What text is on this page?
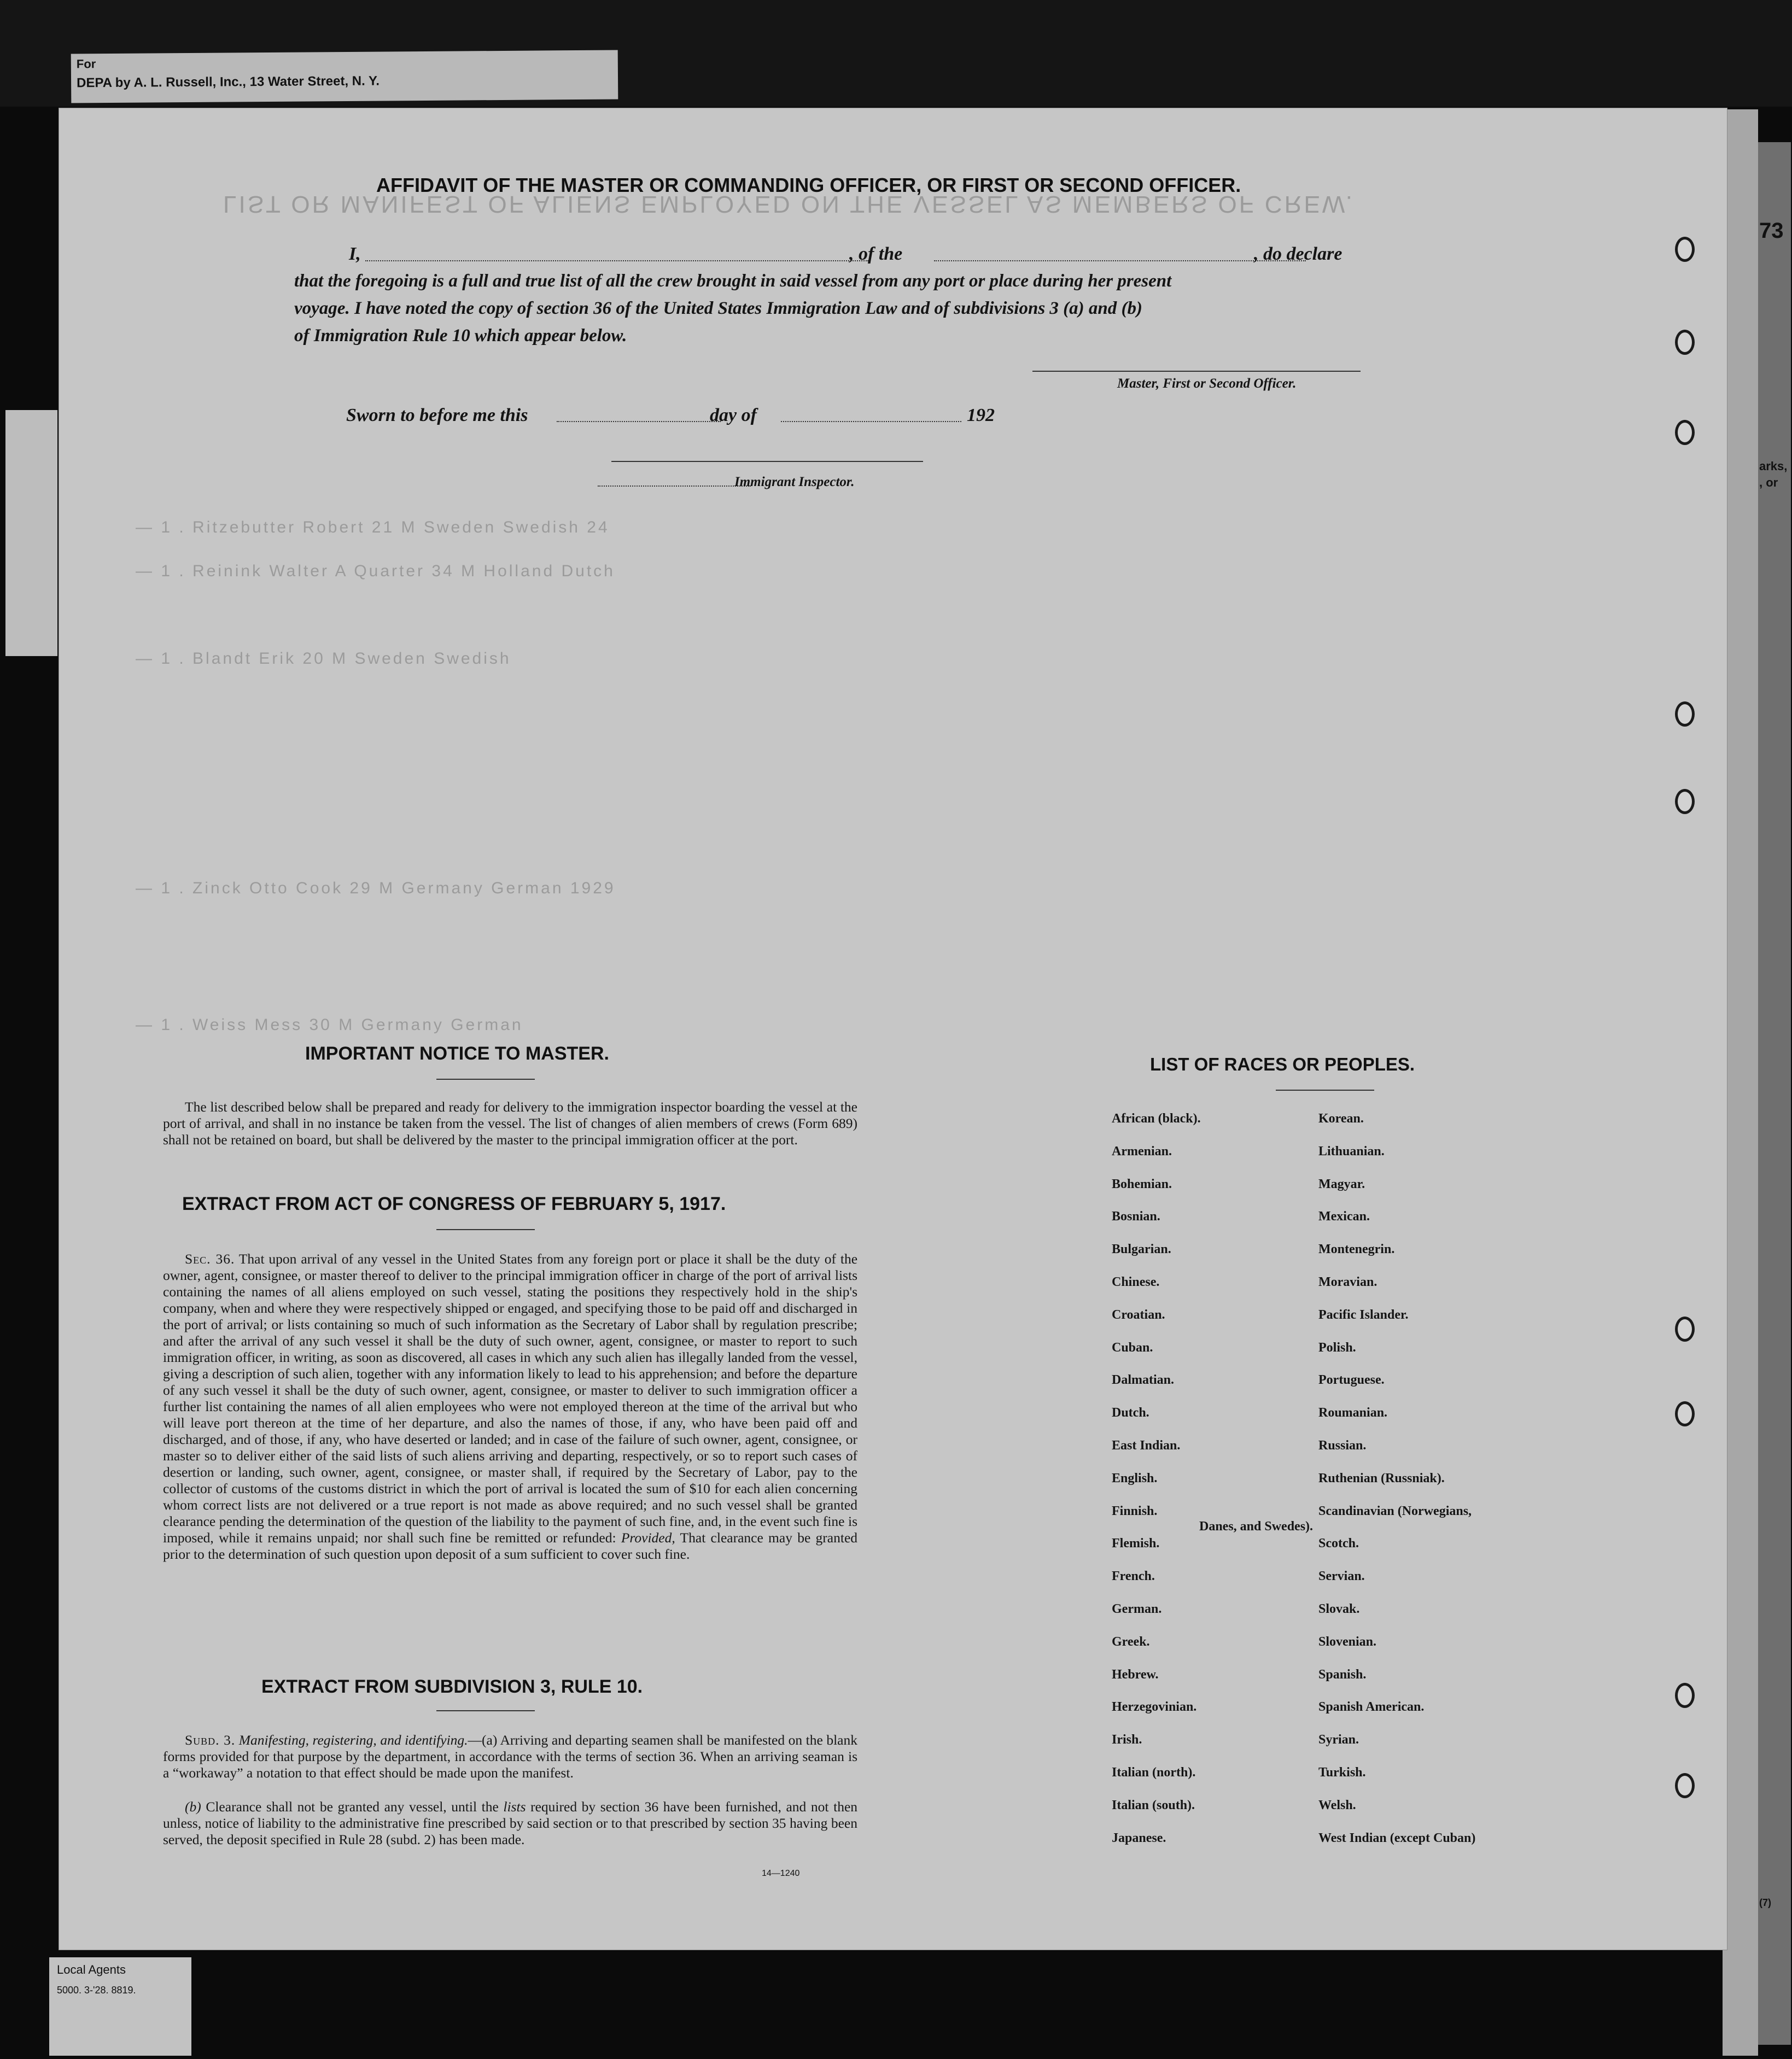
73
arks,
, or
(7)
For
DEPA by A. L. Russell, Inc., 13 Water Street, N. Y.
Local Agents
5000. 3-'28. 8819.
LIST OR MANIFEST OF ALIENS EMPLOYED ON THE VESSEL AS MEMBERS OF CREW.
— 1 . Ritzebutter Robert 21 M Sweden Swedish 24
— 1 . Reinink Walter A Quarter 34 M Holland Dutch
— 1 . Blandt Erik 20 M Sweden Swedish
— 1 . Zinck Otto Cook 29 M Germany German 1929
— 1 . Weiss Mess 30 M Germany German
AFFIDAVIT OF THE MASTER OR COMMANDING OFFICER, OR FIRST OR SECOND OFFICER.
I,	, of the	, do declare
that the foregoing is a full and true list of all the crew brought in said vessel from any port or place during her present
voyage. I have noted the copy of section 36 of the United States Immigration Law and of subdivisions 3 (a) and (b)
of Immigration Rule 10 which appear below.
Master, First or Second Officer.
Sworn to before me this	day of	192
Immigrant Inspector.
IMPORTANT NOTICE TO MASTER.

The list described below shall be prepared and ready for delivery to the immigration inspector boarding the vessel at the port of arrival, and shall in no instance be taken from the vessel. The list of changes of alien members of crews (Form 689) shall not be retained on board, but shall be delivered by the master to the principal immigration officer at the port.

EXTRACT FROM ACT OF CONGRESS OF FEBRUARY 5, 1917.

Sec. 36. That upon arrival of any vessel in the United States from any foreign port or place it shall be the duty of the owner, agent, consignee, or master thereof to deliver to the principal immigration officer in charge of the port of arrival lists containing the names of all aliens employed on such vessel, stating the positions they respectively hold in the ship's company, when and where they were respectively shipped or engaged, and specifying those to be paid off and discharged in the port of arrival; or lists containing so much of such information as the Secretary of Labor shall by regulation prescribe; and after the arrival of any such vessel it shall be the duty of such owner, agent, consignee, or master to report to such immigration officer, in writing, as soon as discovered, all cases in which any such alien has illegally landed from the vessel, giving a description of such alien, together with any information likely to lead to his apprehension; and before the departure of any such vessel it shall be the duty of such owner, agent, consignee, or master to deliver to such immigration officer a further list containing the names of all alien employees who were not employed thereon at the time of the arrival but who will leave port thereon at the time of her departure, and also the names of those, if any, who have been paid off and discharged, and of those, if any, who have deserted or landed; and in case of the failure of such owner, agent, consignee, or master so to deliver either of the said lists of such aliens arriving and departing, respectively, or so to report such cases of desertion or landing, such owner, agent, consignee, or master shall, if required by the Secretary of Labor, pay to the collector of customs of the customs district in which the port of arrival is located the sum of $10 for each alien concerning whom correct lists are not delivered or a true report is not made as above required; and no such vessel shall be granted clearance pending the determination of the question of the liability to the payment of such fine, and, in the event such fine is imposed, while it remains unpaid; nor shall such fine be remitted or refunded: Provided, That clearance may be granted prior to the determination of such question upon deposit of a sum sufficient to cover such fine.

EXTRACT FROM SUBDIVISION 3, RULE 10.

Subd. 3. Manifesting, registering, and identifying.—(a) Arriving and departing seamen shall be manifested on the blank forms provided for that purpose by the department, in accordance with the terms of section 36. When an arriving seaman is a “workaway” a notation to that effect should be made upon the manifest.

(b) Clearance shall not be granted any vessel, until the lists required by section 36 have been furnished, and not then unless, notice of liability to the administrative fine prescribed by said section or to that prescribed by section 35 having been served, the deposit specified in Rule 28 (subd. 2) has been made.

14—1240
LIST OF RACES OR PEOPLES.
African (black).
Armenian.
Bohemian.
Bosnian.
Bulgarian.
Chinese.
Croatian.
Cuban.
Dalmatian.
Dutch.
East Indian.
English.
Finnish.
Flemish.
French.
German.
Greek.
Hebrew.
Herzegovinian.
Irish.
Italian (north).
Italian (south).
Japanese.
Korean.
Lithuanian.
Magyar.
Mexican.
Montenegrin.
Moravian.
Pacific Islander.
Polish.
Portuguese.
Roumanian.
Russian.
Ruthenian (Russniak).
Scandinavian (Norwegians,
Danes, and Swedes).
Scotch.
Servian.
Slovak.
Slovenian.
Spanish.
Spanish American.
Syrian.
Turkish.
Welsh.
West Indian (except Cuban)
